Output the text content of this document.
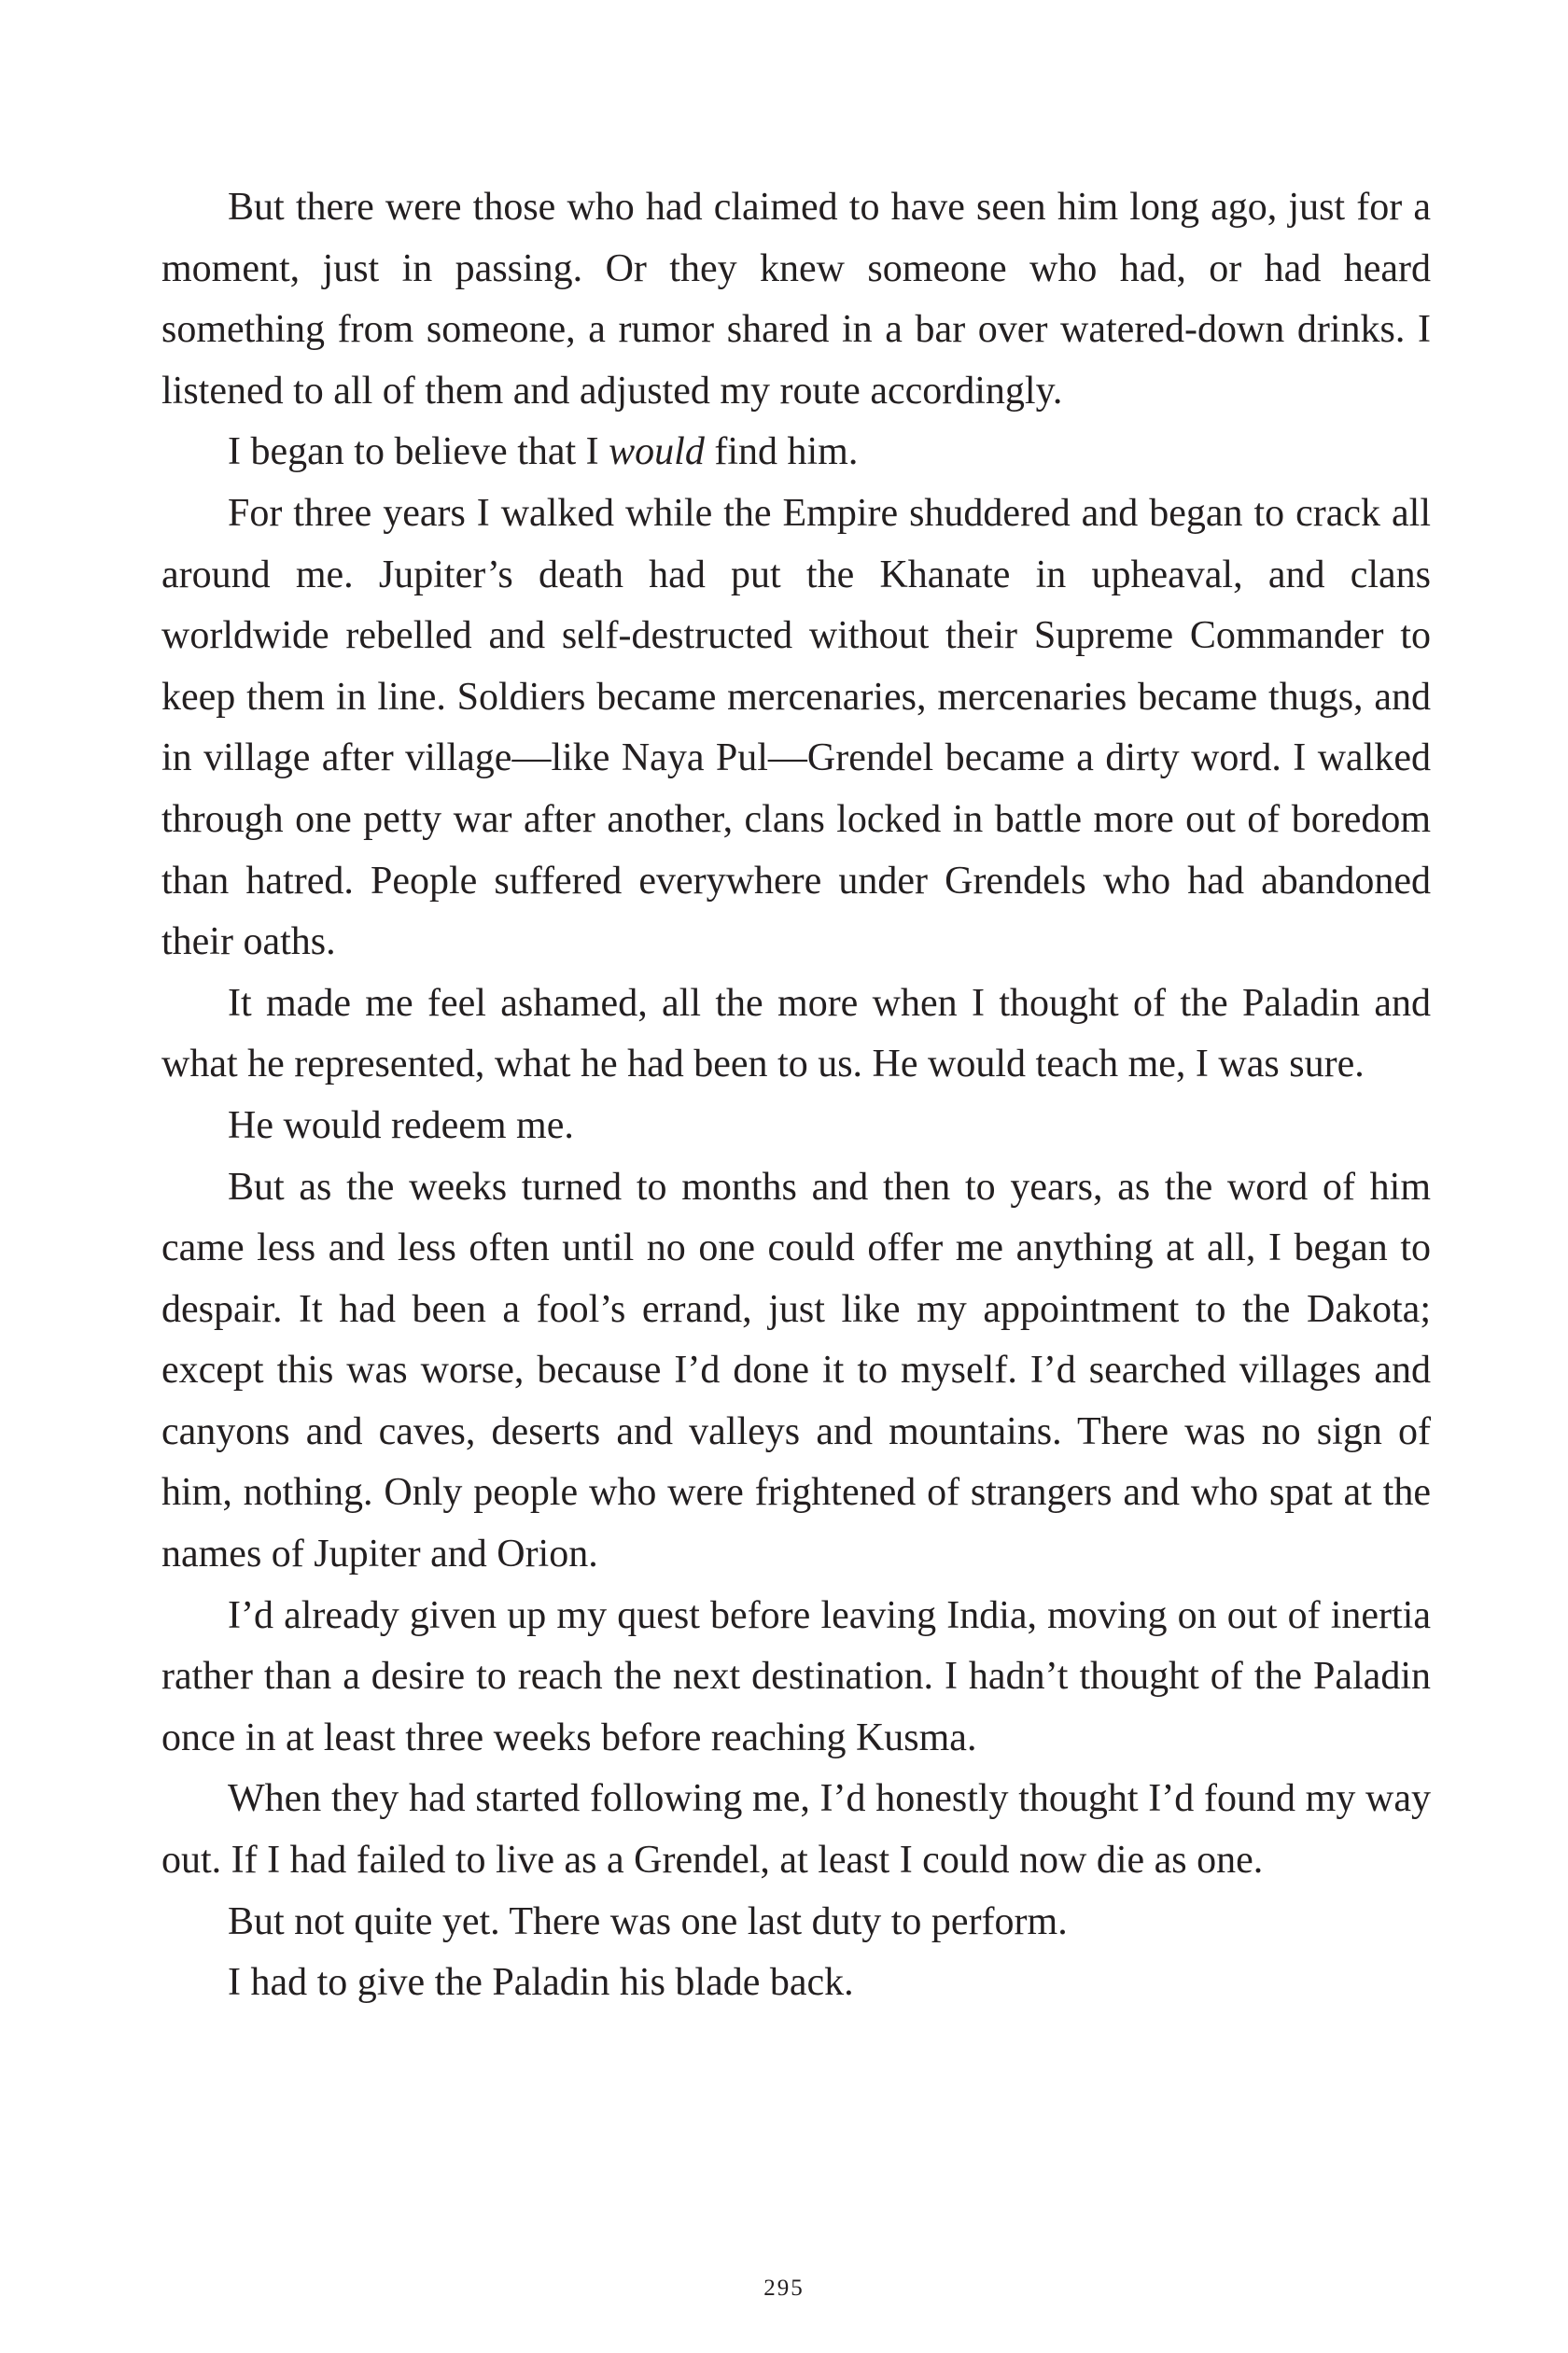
But there were those who had claimed to have seen him long ago, just for a moment, just in passing. Or they knew someone who had, or had heard something from someone, a rumor shared in a bar over watered-down drinks. I listened to all of them and adjusted my route accordingly.

I began to believe that I would find him.

For three years I walked while the Empire shuddered and began to crack all around me. Jupiter’s death had put the Khanate in upheaval, and clans worldwide rebelled and self-destructed without their Supreme Commander to keep them in line. Soldiers became mercenaries, mercenaries became thugs, and in village after village—like Naya Pul—Grendel became a dirty word. I walked through one petty war after another, clans locked in battle more out of boredom than hatred. People suffered everywhere under Grendels who had abandoned their oaths.

It made me feel ashamed, all the more when I thought of the Paladin and what he represented, what he had been to us. He would teach me, I was sure.

He would redeem me.

But as the weeks turned to months and then to years, as the word of him came less and less often until no one could offer me anything at all, I began to despair. It had been a fool’s errand, just like my appointment to the Dakota; except this was worse, because I’d done it to myself. I’d searched villages and canyons and caves, deserts and valleys and mountains. There was no sign of him, nothing. Only people who were frightened of strangers and who spat at the names of Jupiter and Orion.

I’d already given up my quest before leaving India, moving on out of inertia rather than a desire to reach the next destination. I hadn’t thought of the Paladin once in at least three weeks before reaching Kusma.

When they had started following me, I’d honestly thought I’d found my way out. If I had failed to live as a Grendel, at least I could now die as one.

But not quite yet. There was one last duty to perform.

I had to give the Paladin his blade back.

295
